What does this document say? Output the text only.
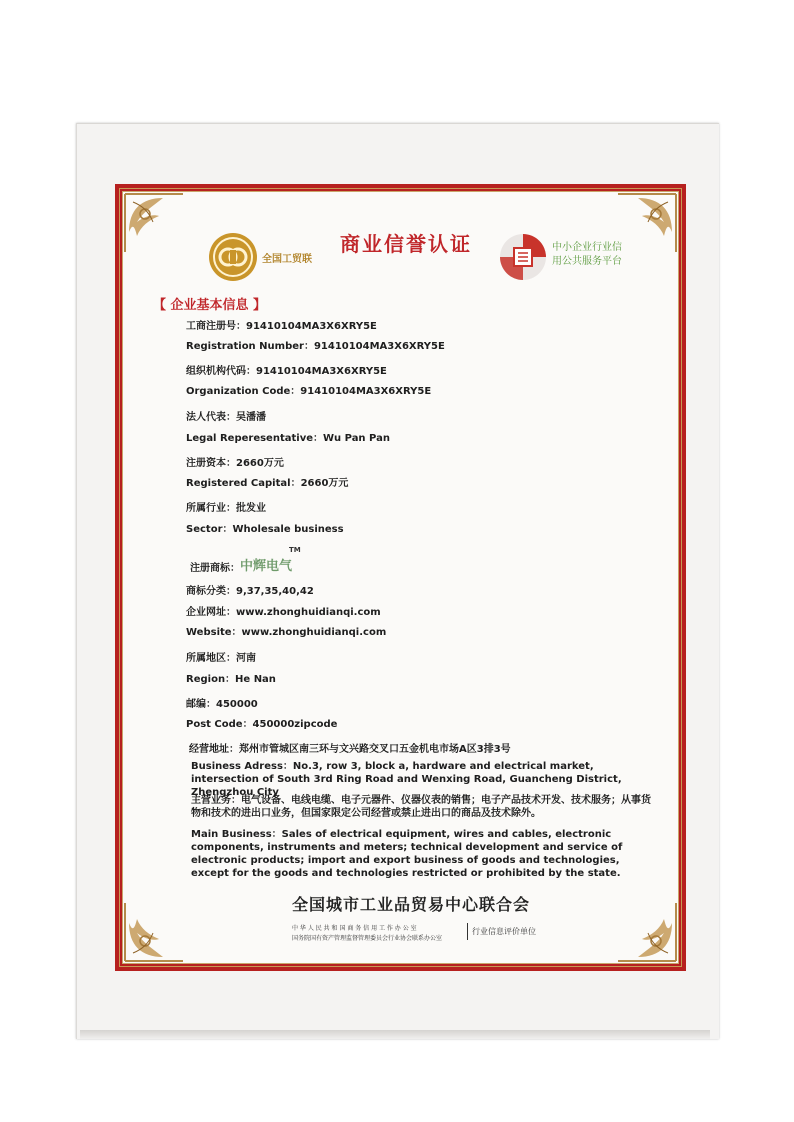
全国工贸联
商业信誉认证	中小企业行业信
用公共服务平台
【 企业基本信息 】
工商注册号：91410104MA3X6XRY5E
Registration Number：91410104MA3X6XRY5E
组织机构代码：91410104MA3X6XRY5E
Organization Code：91410104MA3X6XRY5E
法人代表：吴潘潘
Legal Reperesentative：Wu Pan Pan
注册资本：2660万元
Registered Capital：2660万元
所属行业：批发业
Sector：Wholesale business
注册商标： 中辉电气
TM
商标分类：9,37,35,40,42
企业网址：www.zhonghuidianqi.com
Website：www.zhonghuidianqi.com
所属地区：河南
Region：He Nan
邮编：450000
Post Code：450000zipcode
经营地址：郑州市管城区南三环与文兴路交叉口五金机电市场A区3排3号
Business Adress：No.3, row 3, block a, hardware and electrical market, intersection of South 3rd Ring Road and Wenxing Road, Guancheng District, Zhengzhou City
主营业务：电气设备、电线电缆、电子元器件、仪器仪表的销售；电子产品技术开发、技术服务；从事货物和技术的进出口业务，但国家限定公司经营或禁止进出口的商品及技术除外。
Main Business：Sales of electrical equipment, wires and cables, electronic components, instruments and meters; technical development and service of electronic products; import and export business of goods and technologies, except for the goods and technologies restricted or prohibited by the state.
全国城市工业品贸易中心联合会
中 华 人 民 共 和 国 商 务 信 用 工 作 办 公 室
国务院国有资产管理监督管理委员会行业协会联系办公室
行业信息评价单位
